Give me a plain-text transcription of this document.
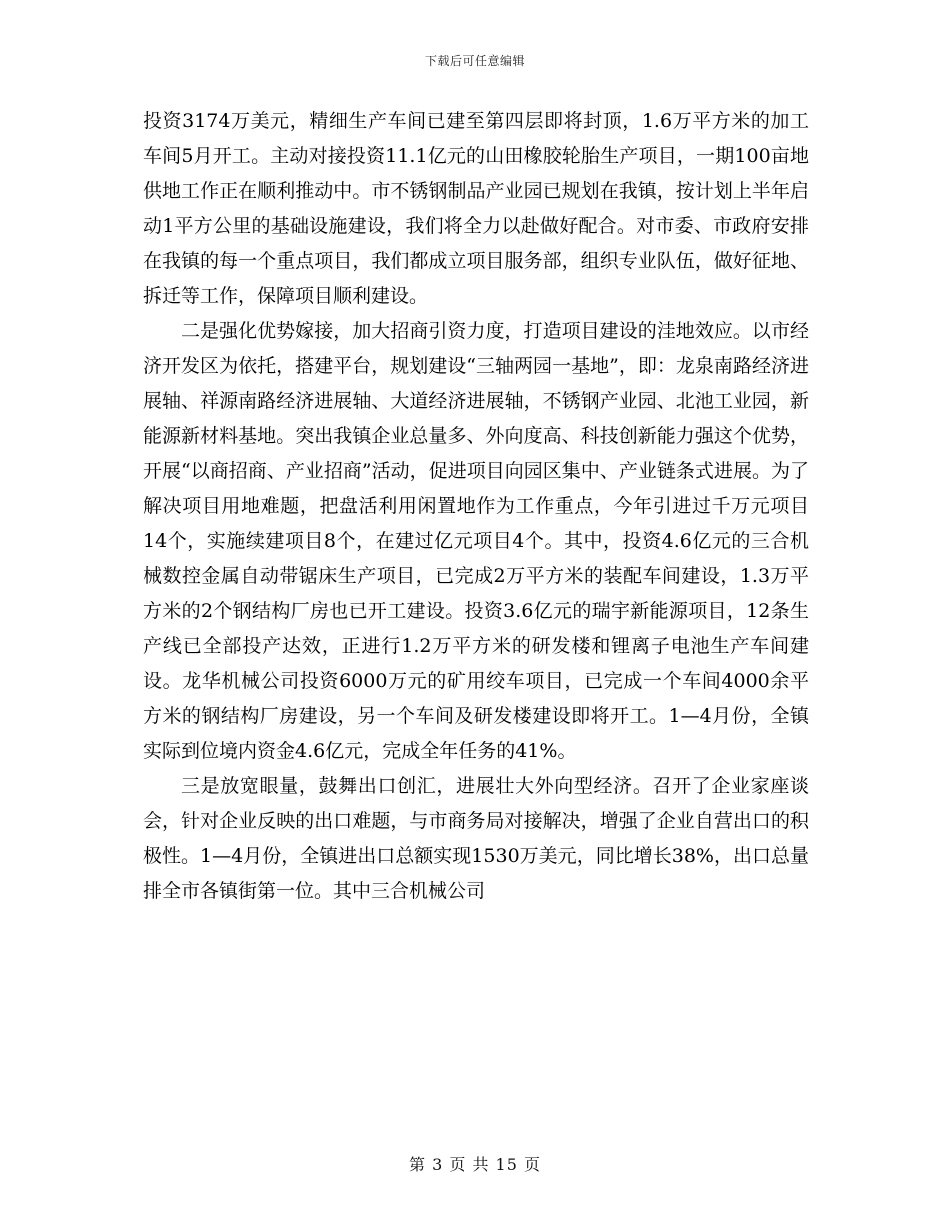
下载后可任意编辑

投资3174万美元，精细生产车间已建至第四层即将封顶，1.6万平方米的加工车间5月开工。主动对接投资11.1亿元的山田橡胶轮胎生产项目，一期100亩地供地工作正在顺利推动中。市不锈钢制品产业园已规划在我镇，按计划上半年启动1平方公里的基础设施建设，我们将全力以赴做好配合。对市委、市政府安排在我镇的每一个重点项目，我们都成立项目服务部，组织专业队伍，做好征地、拆迁等工作，保障项目顺利建设。

二是强化优势嫁接，加大招商引资力度，打造项目建设的洼地效应。以市经济开发区为依托，搭建平台，规划建设“三轴两园一基地”，即：龙泉南路经济进展轴、祥源南路经济进展轴、大道经济进展轴，不锈钢产业园、北池工业园，新能源新材料基地。突出我镇企业总量多、外向度高、科技创新能力强这个优势，开展“以商招商、产业招商”活动，促进项目向园区集中、产业链条式进展。为了解决项目用地难题，把盘活利用闲置地作为工作重点，今年引进过千万元项目14个，实施续建项目8个，在建过亿元项目4个。其中，投资4.6亿元的三合机械数控金属自动带锯床生产项目，已完成2万平方米的装配车间建设，1.3万平方米的2个钢结构厂房也已开工建设。投资3.6亿元的瑞宇新能源项目，12条生产线已全部投产达效，正进行1.2万平方米的研发楼和锂离子电池生产车间建设。龙华机械公司投资6000万元的矿用绞车项目，已完成一个车间4000余平方米的钢结构厂房建设，另一个车间及研发楼建设即将开工。1—4月份，全镇实际到位境内资金4.6亿元，完成全年任务的41%。

三是放宽眼量，鼓舞出口创汇，进展壮大外向型经济。召开了企业家座谈会，针对企业反映的出口难题，与市商务局对接解决，增强了企业自营出口的积极性。1—4月份，全镇进出口总额实现1530万美元，同比增长38%，出口总量排全市各镇街第一位。其中三合机械公司

第 3 页 共 15 页
